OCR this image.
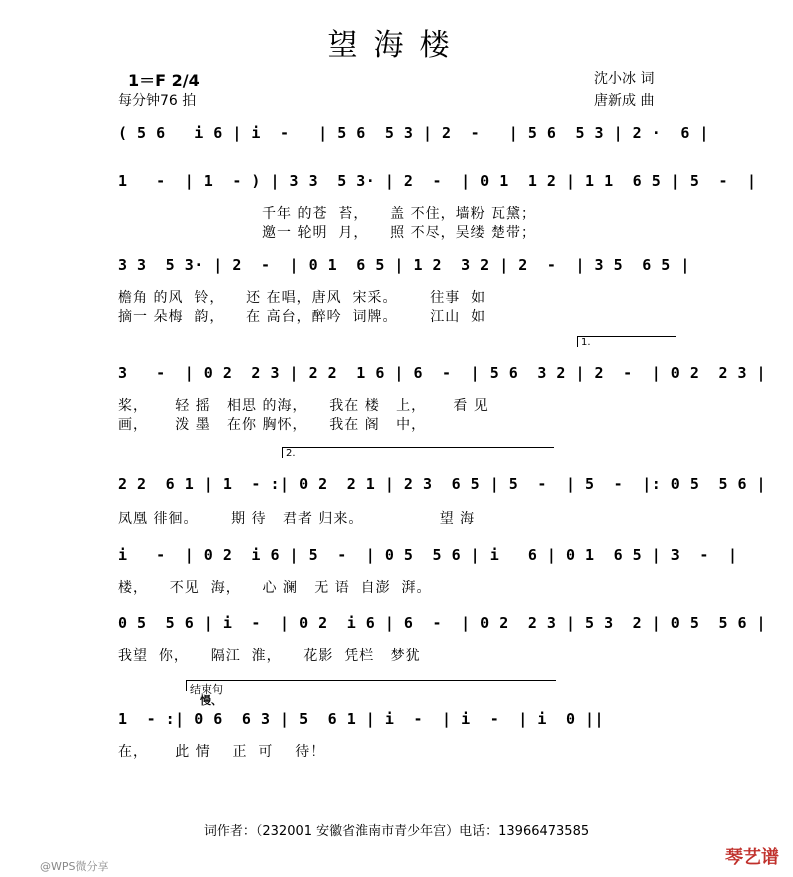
望海楼
1＝F 2/4
每分钟76 拍
沈小冰 词
唐新成 曲
( 5 6   i 6 | i  -   | 5 6  5 3 | 2  -   | 5 6  5 3 | 2 ·  6 |
1   -  | 1  - ) | 3 3  5 3· | 2  -  | 0 1  1 2 | 1 1  6 5 | 5  -  |
千年 的苍  苔，    盖 不住，墙粉 瓦黛；
邀一 轮明  月，    照 不尽，吴缕 楚带；
3 3  5 3· | 2  -  | 0 1  6 5 | 1 2  3 2 | 2  -  | 3 5  6 5 |
檐角 的风  铃，    还 在唱，唐风  宋采。      往事  如
摘一 朵梅  韵，    在 高台，醉吟  词牌。      江山  如
1.
3   -  | 0 2  2 3 | 2 2  1 6 | 6  -  | 5 6  3 2 | 2  -  | 0 2  2 3 |
桨，     轻 摇   相思 的海，    我在 楼   上，     看 见
画，     泼 墨   在你 胸怀，    我在 阁   中，
2.
2 2  6 1 | 1  - :| 0 2  2 1 | 2 3  6 5 | 5  -  | 5  -  |: 0 5  5 6 |
凤凰 徘徊。      期 待   君者 归来。              望 海
i   -  | 0 2  i 6 | 5  -  | 0 5  5 6 | i   6 | 0 1  6 5 | 3  -  |
楼，    不见  海，    心 澜   无 语  自澎  湃。
0 5  5 6 | i  -  | 0 2  i 6 | 6  -  | 0 2  2 3 | 5 3  2 | 0 5  5 6 |
我望  你，    隔江  淮，    花影  凭栏   梦犹
结束句
慢、
1  - :| 0 6  6 3 | 5  6 1 | i  -  | i  -  | i  0 ||
在，     此 情    正  可    待！
词作者：（232001 安徽省淮南市青少年宫）电话：13966473585
@WPS微分享	琴艺谱
